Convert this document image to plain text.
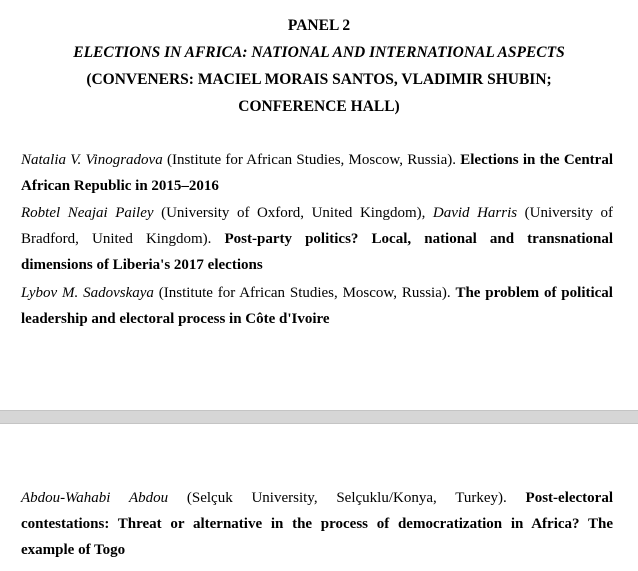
PANEL 2
ELECTIONS IN AFRICA: NATIONAL AND INTERNATIONAL ASPECTS
(CONVENERS: MACIEL MORAIS SANTOS, VLADIMIR SHUBIN;
CONFERENCE HALL)
Natalia V. Vinogradova (Institute for African Studies, Moscow, Russia). Elections in the Central African Republic in 2015–2016
Robtel Neajai Pailey (University of Oxford, United Kingdom), David Harris (University of Bradford, United Kingdom). Post-party politics? Local, national and transnational dimensions of Liberia's 2017 elections
Lybov M. Sadovskaya (Institute for African Studies, Moscow, Russia). The problem of political leadership and electoral process in Côte d'Ivoire
Abdou-Wahabi Abdou (Selçuk University, Selçuklu/Konya, Turkey). Post-electoral contestations: Threat or alternative in the process of democratization in Africa? The example of Togo
